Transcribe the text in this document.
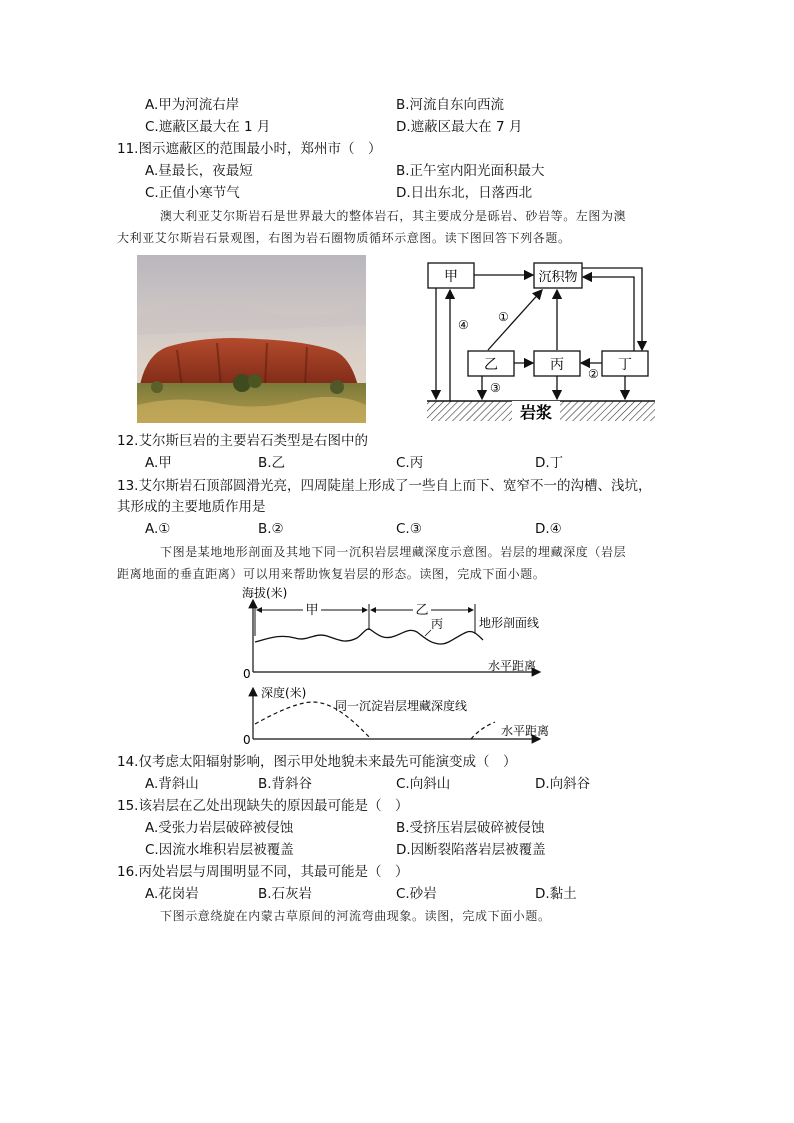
A.甲为河流右岸	B.河流自东向西流
C.遮蔽区最大在 1 月	D.遮蔽区最大在 7 月
11.图示遮蔽区的范围最小时，郑州市（　）
A.昼最长，夜最短	B.正午室内阳光面积最大
C.正值小寒节气	D.日出东北，日落西北
澳大利亚艾尔斯岩石是世界最大的整体岩石，其主要成分是砾岩、砂岩等。左图为澳
大利亚艾尔斯岩石景观图，右图为岩石圈物质循环示意图。读下图回答下列各题。
岩浆
甲	沉积物
乙	丙	丁
④
①
②
③
12.艾尔斯巨岩的主要岩石类型是右图中的
A.甲	B.乙	C.丙	D.丁
13.艾尔斯岩石顶部圆滑光亮，四周陡崖上形成了一些自上而下、宽窄不一的沟槽、浅坑，
其形成的主要地质作用是
A.①	B.②	C.③	D.④
下图是某地地形剖面及其地下同一沉积岩层埋藏深度示意图。岩层的埋藏深度（岩层
距离地面的垂直距离）可以用来帮助恢复岩层的形态。读图，完成下面小题。
海拔(米)
0
水平距离
甲	乙
丙	地形剖面线
深度(米)
0
同一沉淀岩层埋藏深度线
水平距离
14.仅考虑太阳辐射影响，图示甲处地貌未来最先可能演变成（　）
A.背斜山	B.背斜谷	C.向斜山	D.向斜谷
15.该岩层在乙处出现缺失的原因最可能是（　）
A.受张力岩层破碎被侵蚀	B.受挤压岩层破碎被侵蚀
C.因流水堆积岩层被覆盖	D.因断裂陷落岩层被覆盖
16.丙处岩层与周围明显不同，其最可能是（　）
A.花岗岩	B.石灰岩	C.砂岩	D.黏土
下图示意绕旋在内蒙古草原间的河流弯曲现象。读图，完成下面小题。
